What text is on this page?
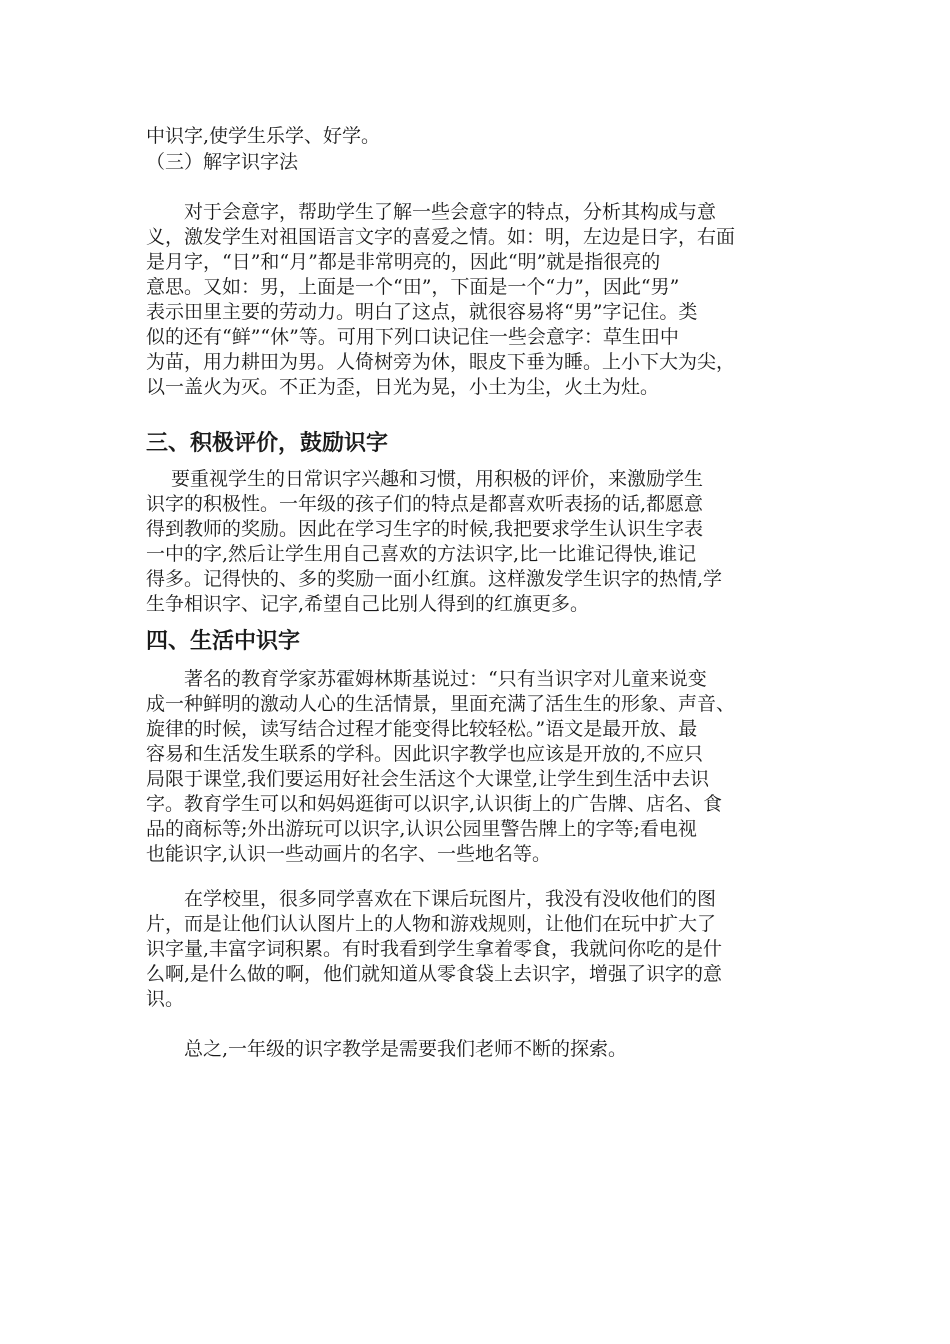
中识字,使学生乐学、好学。

（三）解字识字法

　　对于会意字，帮助学生了解一些会意字的特点，分析其构成与意

义，激发学生对祖国语言文字的喜爱之情。如：明，左边是日字，右面

是月字，“日”和“月”都是非常明亮的，因此“明”就是指很亮的

意思。又如：男，上面是一个“田”，下面是一个“力”，因此“男”

表示田里主要的劳动力。明白了这点，就很容易将“男”字记住。类

似的还有“鲜”“休”等。可用下列口诀记住一些会意字：草生田中

为苗，用力耕田为男。人倚树旁为休，眼皮下垂为睡。上小下大为尖，

以一盖火为灭。不正为歪，日光为晃，小土为尘，火土为灶。

三、积极评价，鼓励识字

　 要重视学生的日常识字兴趣和习惯，用积极的评价，来激励学生

识字的积极性。一年级的孩子们的特点是都喜欢听表扬的话,都愿意

得到教师的奖励。因此在学习生字的时候,我把要求学生认识生字表

一中的字,然后让学生用自己喜欢的方法识字,比一比谁记得快,谁记

得多。记得快的、多的奖励一面小红旗。这样激发学生识字的热情,学

生争相识字、记字,希望自己比别人得到的红旗更多。

四、生活中识字

　　著名的教育学家苏霍姆林斯基说过：“只有当识字对儿童来说变

成一种鲜明的激动人心的生活情景，里面充满了活生生的形象、声音、

旋律的时候，读写结合过程才能变得比较轻松。”语文是最开放、最

容易和生活发生联系的学科。因此识字教学也应该是开放的,不应只

局限于课堂,我们要运用好社会生活这个大课堂,让学生到生活中去识

字。教育学生可以和妈妈逛街可以识字,认识街上的广告牌、店名、食

品的商标等;外出游玩可以识字,认识公园里警告牌上的字等;看电视

也能识字,认识一些动画片的名字、一些地名等。

　　在学校里，很多同学喜欢在下课后玩图片，我没有没收他们的图

片，而是让他们认认图片上的人物和游戏规则，让他们在玩中扩大了

识字量,丰富字词积累。有时我看到学生拿着零食，我就问你吃的是什

么啊,是什么做的啊，他们就知道从零食袋上去识字，增强了识字的意

识。

　　总之,一年级的识字教学是需要我们老师不断的探索。
